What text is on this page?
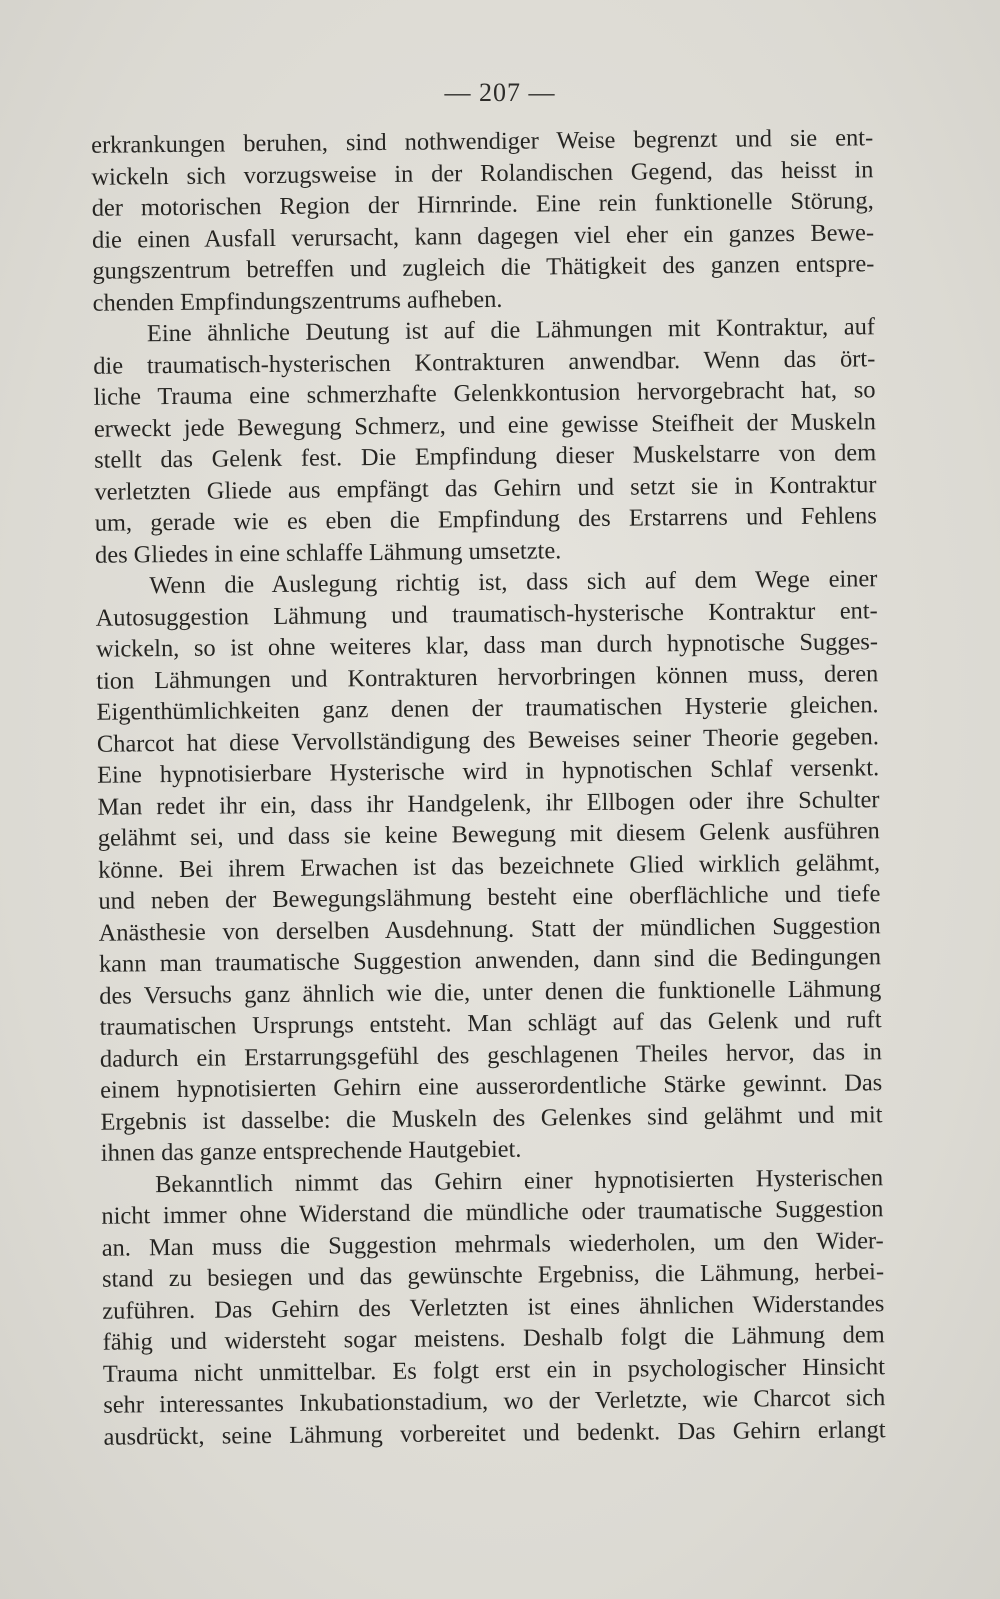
— 207 —
erkrankungen beruhen, sind nothwendiger Weise begrenzt und sie ent-
wickeln sich vorzugsweise in der Rolandischen Gegend, das heisst in
der motorischen Region der Hirnrinde. Eine rein funktionelle Störung,
die einen Ausfall verursacht, kann dagegen viel eher ein ganzes Bewe-
gungszentrum betreffen und zugleich die Thätigkeit des ganzen entspre-
chenden Empfindungszentrums aufheben.
Eine ähnliche Deutung ist auf die Lähmungen mit Kontraktur, auf
die traumatisch-hysterischen Kontrakturen anwendbar. Wenn das ört-
liche Trauma eine schmerzhafte Gelenkkontusion hervorgebracht hat, so
erweckt jede Bewegung Schmerz, und eine gewisse Steifheit der Muskeln
stellt das Gelenk fest. Die Empfindung dieser Muskelstarre von dem
verletzten Gliede aus empfängt das Gehirn und setzt sie in Kontraktur
um, gerade wie es eben die Empfindung des Erstarrens und Fehlens
des Gliedes in eine schlaffe Lähmung umsetzte.
Wenn die Auslegung richtig ist, dass sich auf dem Wege einer
Autosuggestion Lähmung und traumatisch-hysterische Kontraktur ent-
wickeln, so ist ohne weiteres klar, dass man durch hypnotische Sugges-
tion Lähmungen und Kontrakturen hervorbringen können muss, deren
Eigenthümlichkeiten ganz denen der traumatischen Hysterie gleichen.
Charcot hat diese Vervollständigung des Beweises seiner Theorie gegeben.
Eine hypnotisierbare Hysterische wird in hypnotischen Schlaf versenkt.
Man redet ihr ein, dass ihr Handgelenk, ihr Ellbogen oder ihre Schulter
gelähmt sei, und dass sie keine Bewegung mit diesem Gelenk ausführen
könne. Bei ihrem Erwachen ist das bezeichnete Glied wirklich gelähmt,
und neben der Bewegungslähmung besteht eine oberflächliche und tiefe
Anästhesie von derselben Ausdehnung. Statt der mündlichen Suggestion
kann man traumatische Suggestion anwenden, dann sind die Bedingungen
des Versuchs ganz ähnlich wie die, unter denen die funktionelle Lähmung
traumatischen Ursprungs entsteht. Man schlägt auf das Gelenk und ruft
dadurch ein Erstarrungsgefühl des geschlagenen Theiles hervor, das in
einem hypnotisierten Gehirn eine ausserordentliche Stärke gewinnt. Das
Ergebnis ist dasselbe: die Muskeln des Gelenkes sind gelähmt und mit
ihnen das ganze entsprechende Hautgebiet.
Bekanntlich nimmt das Gehirn einer hypnotisierten Hysterischen
nicht immer ohne Widerstand die mündliche oder traumatische Suggestion
an. Man muss die Suggestion mehrmals wiederholen, um den Wider-
stand zu besiegen und das gewünschte Ergebniss, die Lähmung, herbei-
zuführen. Das Gehirn des Verletzten ist eines ähnlichen Widerstandes
fähig und widersteht sogar meistens. Deshalb folgt die Lähmung dem
Trauma nicht unmittelbar. Es folgt erst ein in psychologischer Hinsicht
sehr interessantes Inkubationstadium, wo der Verletzte, wie Charcot sich
ausdrückt, seine Lähmung vorbereitet und bedenkt. Das Gehirn erlangt
